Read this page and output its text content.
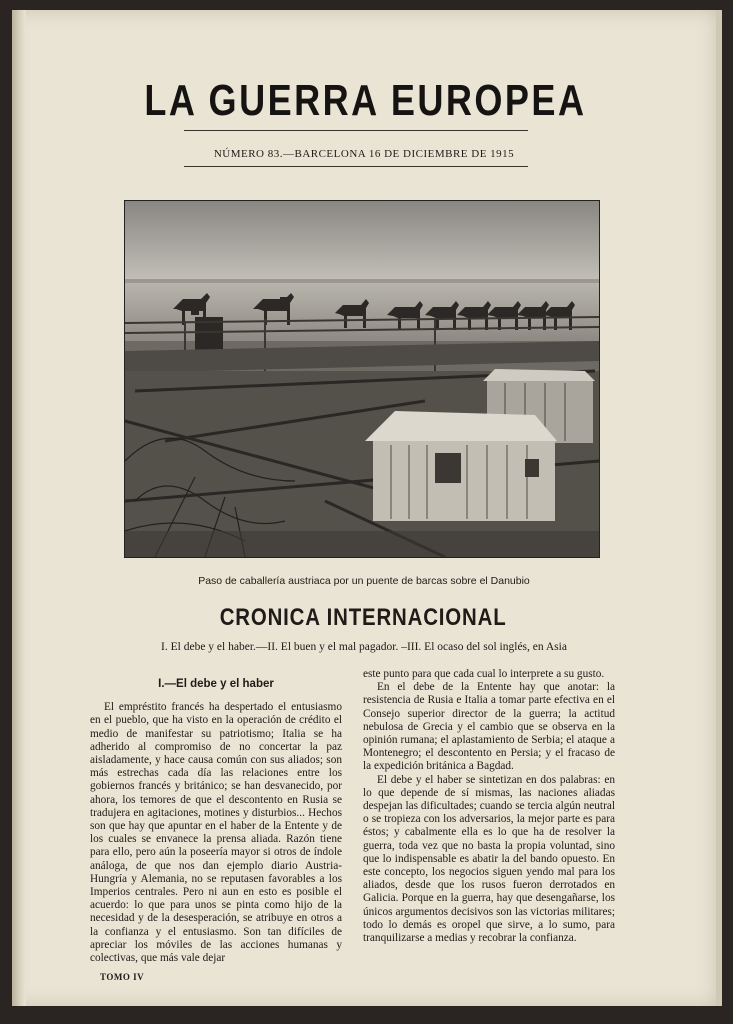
LA GUERRA EUROPEA
NÚMERO 83.—BARCELONA 16 DE DICIEMBRE DE 1915
Paso de caballería austriaca por un puente de barcas sobre el Danubio
CRONICA INTERNACIONAL
I. El debe y el haber.—II. El buen y el mal pagador. –III. El ocaso del sol inglés, en Asia
I.—El debe y el haber

El empréstito francés ha despertado el entusiasmo en el pueblo, que ha visto en la operación de crédito el medio de manifestar su patriotismo; Italia se ha adherido al compromiso de no concertar la paz aisladamente, y hace causa común con sus aliados; son más estrechas cada día las relaciones entre los gobiernos francés y británico; se han desvanecido, por ahora, los temores de que el descontento en Rusia se tradujera en agitaciones, motines y disturbios... Hechos son que hay que apuntar en el haber de la Entente y de los cuales se envanece la prensa aliada. Razón tiene para ello, pero aún la poseería mayor si otros de índole análoga, de que nos dan ejemplo diario Austria-Hungría y Alemania, no se reputasen favorables a los Imperios centrales. Pero ni aun en esto es posible el acuerdo: lo que para unos se pinta como hijo de la necesidad y de la desesperación, se atribuye en otros a la confianza y el entusiasmo. Son tan difíciles de apreciar los móviles de las acciones humanas y colectivas, que más vale dejar

este punto para que cada cual lo interprete a su gusto.

En el debe de la Entente hay que anotar: la resistencia de Rusia e Italia a tomar parte efectiva en el Consejo superior director de la guerra; la actitud nebulosa de Grecia y el cambio que se observa en la opinión rumana; el aplastamiento de Serbia; el ataque a Montenegro; el descontento en Persia; y el fracaso de la expedición británica a Bagdad.

El debe y el haber se sintetizan en dos palabras: en lo que depende de sí mismas, las naciones aliadas despejan las dificultades; cuando se tercia algún neutral o se tropieza con los adversarios, la mejor parte es para éstos; y cabalmente ella es lo que ha de resolver la guerra, toda vez que no basta la propia voluntad, sino que lo indispensable es abatir la del bando opuesto. En este concepto, los negocios siguen yendo mal para los aliados, desde que los rusos fueron derrotados en Galicia. Porque en la guerra, hay que desengañarse, los únicos argumentos decisivos son las victorias militares; todo lo demás es oropel que sirve, a lo sumo, para tranquilizarse a medias y recobrar la confianza.

TOMO IV
